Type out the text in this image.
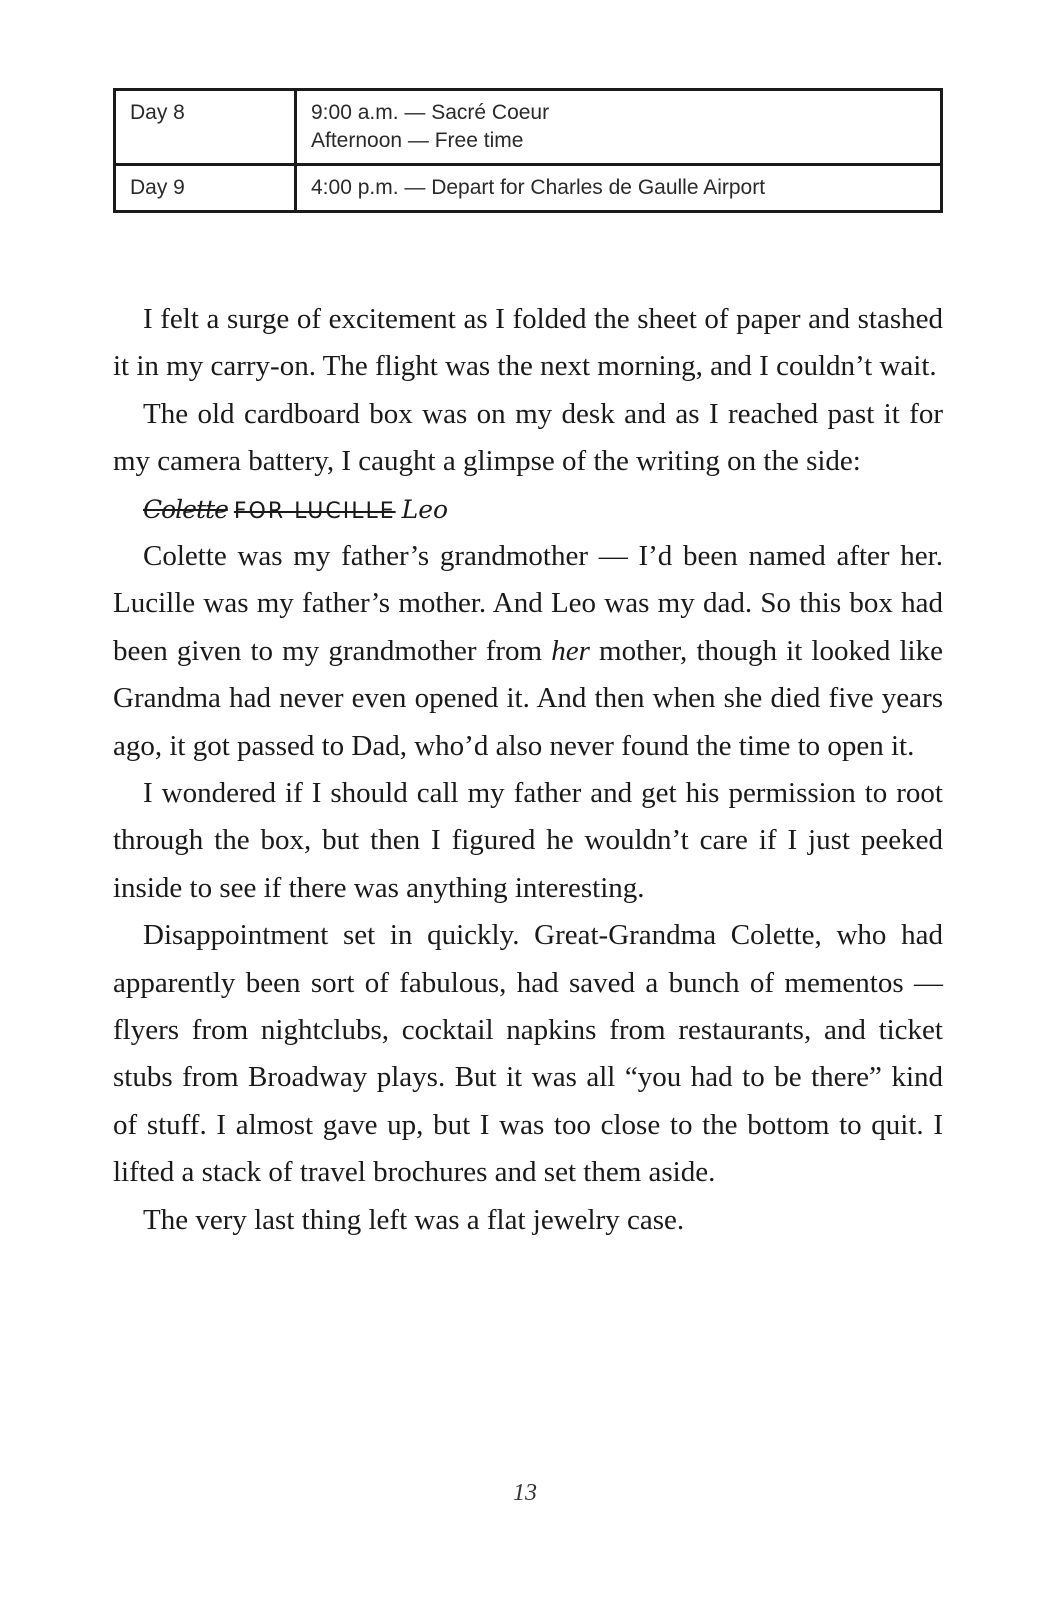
Day 8	9:00 a.m. — Sacré Coeur
Afternoon — Free time

Day 9	4:00 p.m. — Depart for Charles de Gaulle Airport

I felt a surge of excitement as I folded the sheet of paper and stashed it in my carry-on. The flight was the next morning, and I couldn’t wait.

The old cardboard box was on my desk and as I reached past it for my camera battery, I caught a glimpse of the writing on the side:

Colette FOR LUCILLE Leo

Colette was my father’s grandmother — I’d been named after her. Lucille was my father’s mother. And Leo was my dad. So this box had been given to my grandmother from her mother, though it looked like Grandma had never even opened it. And then when she died five years ago, it got passed to Dad, who’d also never found the time to open it.

I wondered if I should call my father and get his permission to root through the box, but then I figured he wouldn’t care if I just peeked inside to see if there was anything interesting.

Disappointment set in quickly. Great-Grandma Colette, who had apparently been sort of fabulous, had saved a bunch of mementos — flyers from nightclubs, cocktail napkins from restaurants, and ticket stubs from Broadway plays. But it was all “you had to be there” kind of stuff. I almost gave up, but I was too close to the bottom to quit. I lifted a stack of travel brochures and set them aside.

The very last thing left was a flat jewelry case.

13
